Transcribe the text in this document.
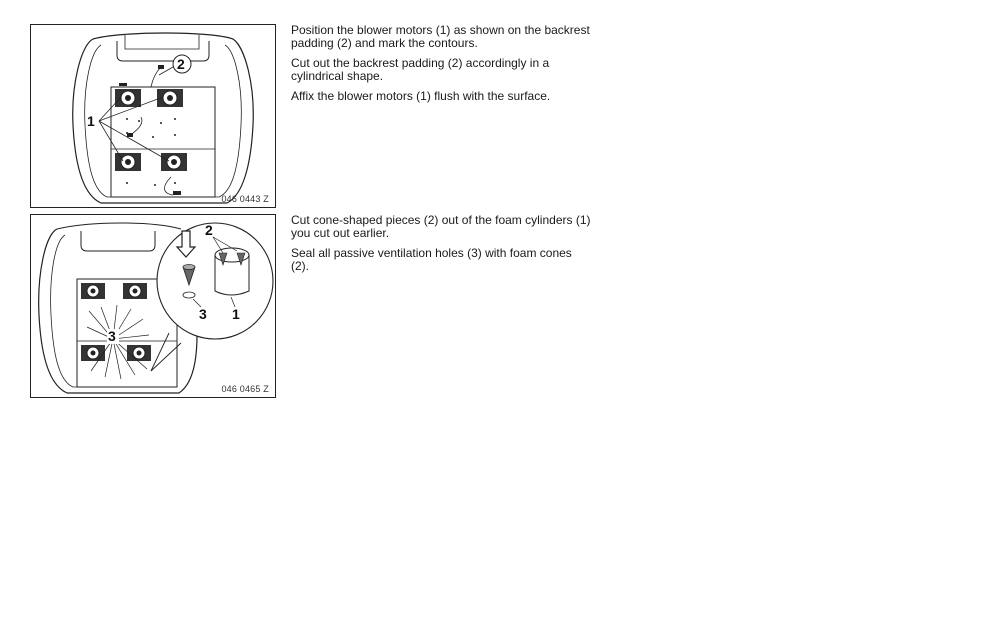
1
2
046 0443 Z

Position the blower motors (1) as shown on the backrest padding (2) and mark the contours.

Cut out the backrest padding (2) accordingly in a cylindrical shape.

Affix the blower motors (1) flush with the surface.

3
3 1
2
046 0465 Z

Cut cone-shaped pieces (2) out of the foam cylinders (1) you cut out earlier.

Seal all passive ventilation holes (3) with foam cones (2).
